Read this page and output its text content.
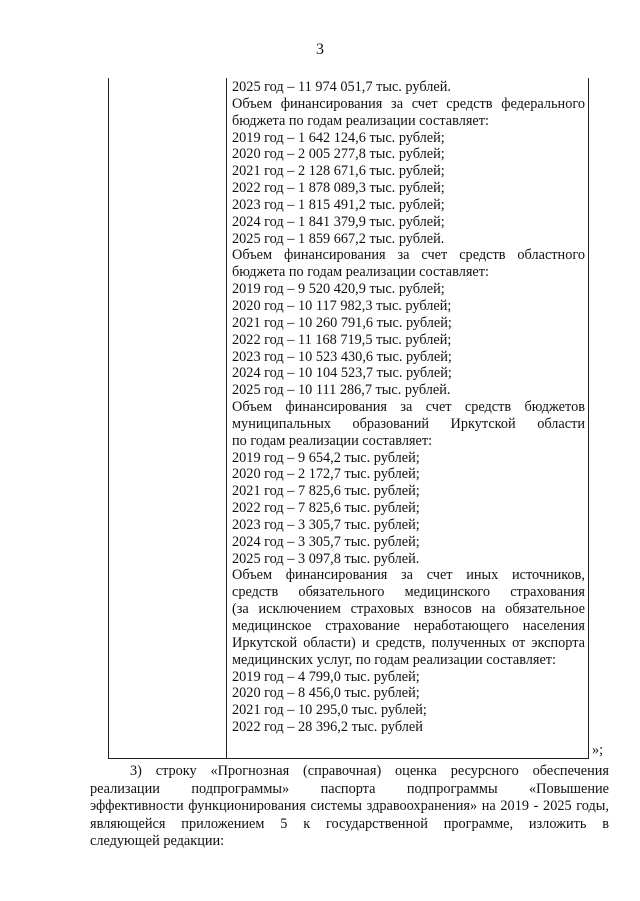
3
2025 год – 11 974 051,7 тыс. рублей.
Объем финансирования за счет средств федерального
бюджета по годам реализации составляет:
2019 год – 1 642 124,6 тыс. рублей;
2020 год – 2 005 277,8 тыс. рублей;
2021 год – 2 128 671,6 тыс. рублей;
2022 год – 1 878 089,3 тыс. рублей;
2023 год – 1 815 491,2 тыс. рублей;
2024 год – 1 841 379,9 тыс. рублей;
2025 год – 1 859 667,2 тыс. рублей.
Объем финансирования за счет средств областного
бюджета по годам реализации составляет:
2019 год – 9 520 420,9 тыс. рублей;
2020 год – 10 117 982,3 тыс. рублей;
2021 год – 10 260 791,6 тыс. рублей;
2022 год – 11 168 719,5 тыс. рублей;
2023 год – 10 523 430,6 тыс. рублей;
2024 год – 10 104 523,7 тыс. рублей;
2025 год – 10 111 286,7 тыс. рублей.
Объем финансирования за счет средств бюджетов
муниципальных образований Иркутской области
по годам реализации составляет:
2019 год – 9 654,2 тыс. рублей;
2020 год – 2 172,7 тыс. рублей;
2021 год – 7 825,6 тыс. рублей;
2022 год – 7 825,6 тыс. рублей;
2023 год – 3 305,7 тыс. рублей;
2024 год – 3 305,7 тыс. рублей;
2025 год – 3 097,8 тыс. рублей.
Объем финансирования за счет иных источников,
средств обязательного медицинского страхования
(за исключением страховых взносов на обязательное
медицинское страхование неработающего населения
Иркутской области) и средств, полученных от экспорта
медицинских услуг, по годам реализации составляет:
2019 год – 4 799,0 тыс. рублей;
2020 год – 8 456,0 тыс. рублей;
2021 год – 10 295,0 тыс. рублей;
2022 год – 28 396,2 тыс. рублей
»;
3) строку «Прогнозная (справочная) оценка ресурсного обеспечения
реализации подпрограммы» паспорта подпрограммы «Повышение
эффективности функционирования системы здравоохранения» на 2019 - 2025 годы,
являющейся приложением 5 к государственной программе, изложить в
следующей редакции:
